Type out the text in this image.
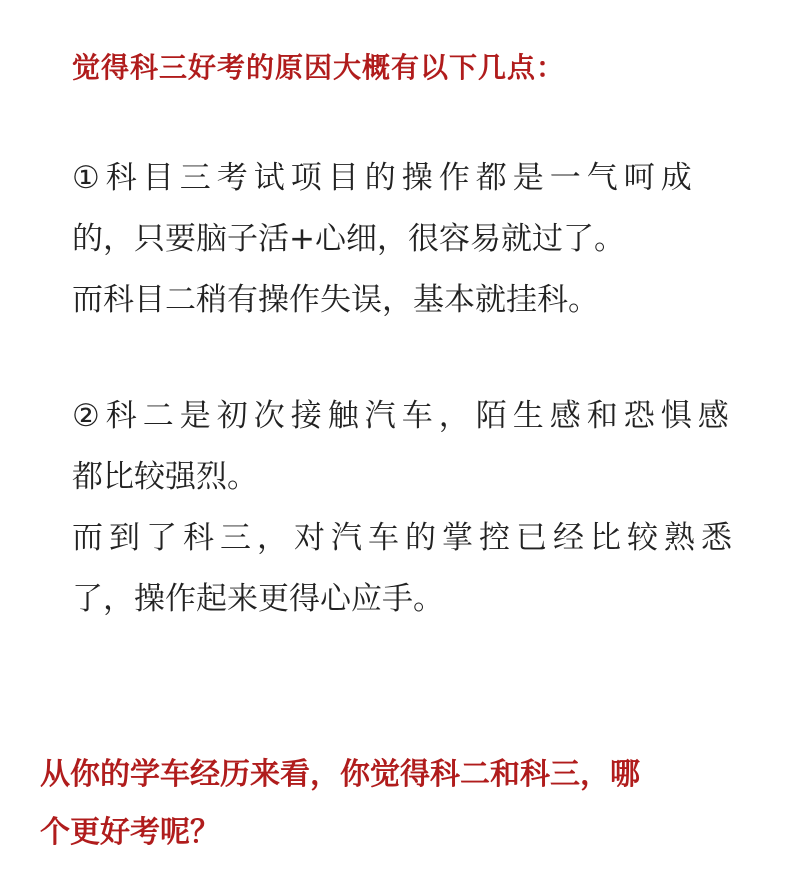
觉得科三好考的原因大概有以下几点：
①科目三考试项目的操作都是一气呵成
的，只要脑子活+心细，很容易就过了。
而科目二稍有操作失误，基本就挂科。
②科二是初次接触汽车，陌生感和恐惧感
都比较强烈。
而到了科三，对汽车的掌控已经比较熟悉
了，操作起来更得心应手。
从你的学车经历来看，你觉得科二和科三，哪
个更好考呢？
